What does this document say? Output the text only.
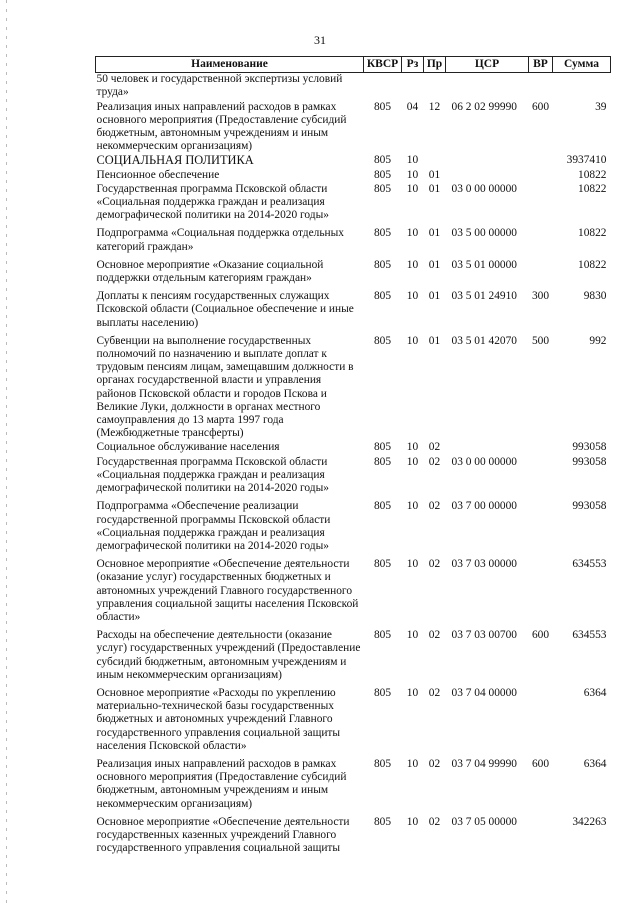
31
Наименование	КВСР	Рз	Пр	ЦСР	ВР	Сумма
50 человек и государственной экспертизы условий труда»						
Реализация иных направлений расходов в рамках основного мероприятия (Предоставление субсидий бюджетным, автономным учреждениям и иным некоммерческим организациям)	805	04	12	06 2 02 99990	600	39
СОЦИАЛЬНАЯ ПОЛИТИКА	805	10				3937410
Пенсионное обеспечение	805	10	01			10822
Государственная программа Псковской области «Социальная поддержка граждан и реализация демографической политики на 2014-2020 годы»	805	10	01	03 0 00 00000		10822
Подпрограмма «Социальная поддержка отдельных категорий граждан»	805	10	01	03 5 00 00000		10822
Основное мероприятие «Оказание социальной поддержки отдельным категориям граждан»	805	10	01	03 5 01 00000		10822
Доплаты к пенсиям государственных служащих Псковской области (Социальное обеспечение и иные выплаты населению)	805	10	01	03 5 01 24910	300	9830
Субвенции на выполнение государственных полномочий по назначению и выплате доплат к трудовым пенсиям лицам, замещавшим должности в органах государственной власти и управления районов Псковской области и городов Пскова и Великие Луки, должности в органах местного самоуправления до 13 марта 1997 года (Межбюджетные трансферты)	805	10	01	03 5 01 42070	500	992
Социальное обслуживание населения	805	10	02			993058
Государственная программа Псковской области «Социальная поддержка граждан и реализация демографической политики на 2014-2020 годы»	805	10	02	03 0 00 00000		993058
Подпрограмма «Обеспечение реализации государственной программы Псковской области «Социальная поддержка граждан и реализация демографической политики на 2014-2020 годы»	805	10	02	03 7 00 00000		993058
Основное мероприятие «Обеспечение деятельности (оказание услуг) государственных бюджетных и автономных учреждений Главного государственного управления социальной защиты населения Псковской области»	805	10	02	03 7 03 00000		634553
Расходы на обеспечение деятельности (оказание услуг) государственных учреждений (Предоставление субсидий бюджетным, автономным учреждениям и иным некоммерческим организациям)	805	10	02	03 7 03 00700	600	634553
Основное мероприятие «Расходы по укреплению материально-технической базы государственных бюджетных и автономных учреждений Главного государственного управления социальной защиты населения Псковской области»	805	10	02	03 7 04 00000		6364
Реализация иных направлений расходов в рамках основного мероприятия (Предоставление субсидий бюджетным, автономным учреждениям и иным некоммерческим организациям)	805	10	02	03 7 04 99990	600	6364
Основное мероприятие «Обеспечение деятельности государственных казенных учреждений Главного государственного управления социальной защиты	805	10	02	03 7 05 00000		342263
